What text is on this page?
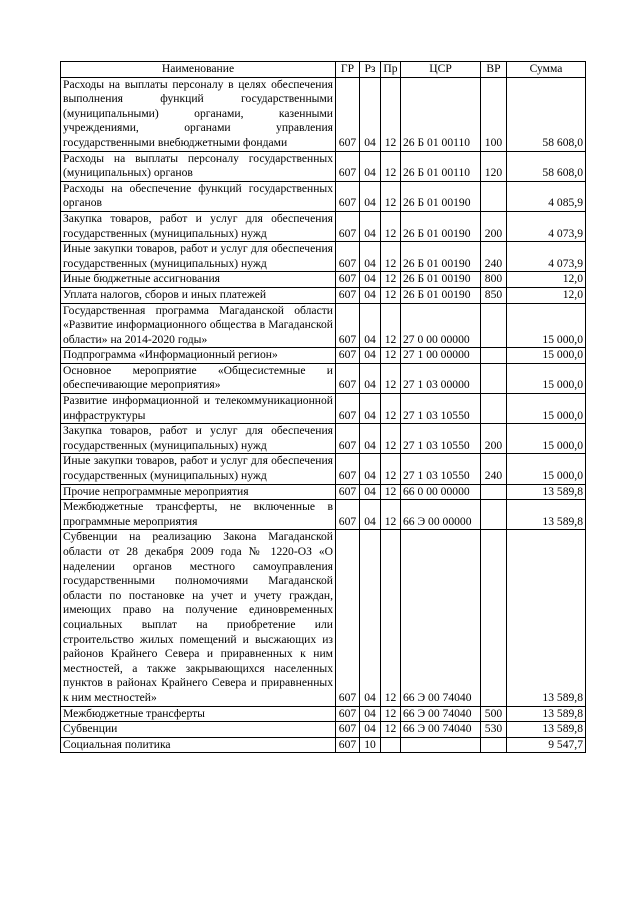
Наименование	ГР	Рз	Пр	ЦСР	ВР	Сумма
Расходы на выплаты персоналу в целях обеспечения выполнения функций государственными (муниципальными) органами, казенными учреждениями, органами управления государственными внебюджетными фондами	607	04	12	26 Б 01 00110	100	58 608,0
Расходы на выплаты персоналу государственных (муниципальных) органов	607	04	12	26 Б 01 00110	120	58 608,0
Расходы на обеспечение функций государственных органов	607	04	12	26 Б 01 00190		4 085,9
Закупка товаров, работ и услуг для обеспечения государственных (муниципальных) нужд	607	04	12	26 Б 01 00190	200	4 073,9
Иные закупки товаров, работ и услуг для обеспечения государственных (муниципальных) нужд	607	04	12	26 Б 01 00190	240	4 073,9
Иные бюджетные ассигнования	607	04	12	26 Б 01 00190	800	12,0
Уплата налогов, сборов и иных платежей	607	04	12	26 Б 01 00190	850	12,0
Государственная программа Магаданской области «Развитие информационного общества в Магаданской области» на 2014-2020 годы»	607	04	12	27 0 00 00000		15 000,0
Подпрограмма «Информационный регион»	607	04	12	27 1 00 00000		15 000,0
Основное мероприятие «Общесистемные и обеспечивающие мероприятия»	607	04	12	27 1 03 00000		15 000,0
Развитие информационной и телекоммуникационной инфраструктуры	607	04	12	27 1 03 10550		15 000,0
Закупка товаров, работ и услуг для обеспечения государственных (муниципальных) нужд	607	04	12	27 1 03 10550	200	15 000,0
Иные закупки товаров, работ и услуг для обеспечения государственных (муниципальных) нужд	607	04	12	27 1 03 10550	240	15 000,0
Прочие непрограммные мероприятия	607	04	12	66 0 00 00000		13 589,8
Межбюджетные трансферты, не включенные в программные мероприятия	607	04	12	66 Э 00 00000		13 589,8
Субвенции на реализацию Закона Магаданской области от 28 декабря 2009 года № 1220-ОЗ «О наделении органов местного самоуправления государственными полномочиями Магаданской области по постановке на учет и учету граждан, имеющих право на получение единовременных социальных выплат на приобретение или строительство жилых помещений и высжающих из районов Крайнего Севера и приравненных к ним местностей, а также закрывающихся населенных пунктов в районах Крайнего Севера и приравненных к ним местностей»	607	04	12	66 Э 00 74040		13 589,8
Межбюджетные трансферты	607	04	12	66 Э 00 74040	500	13 589,8
Субвенции	607	04	12	66 Э 00 74040	530	13 589,8
Социальная политика	607	10				9 547,7
